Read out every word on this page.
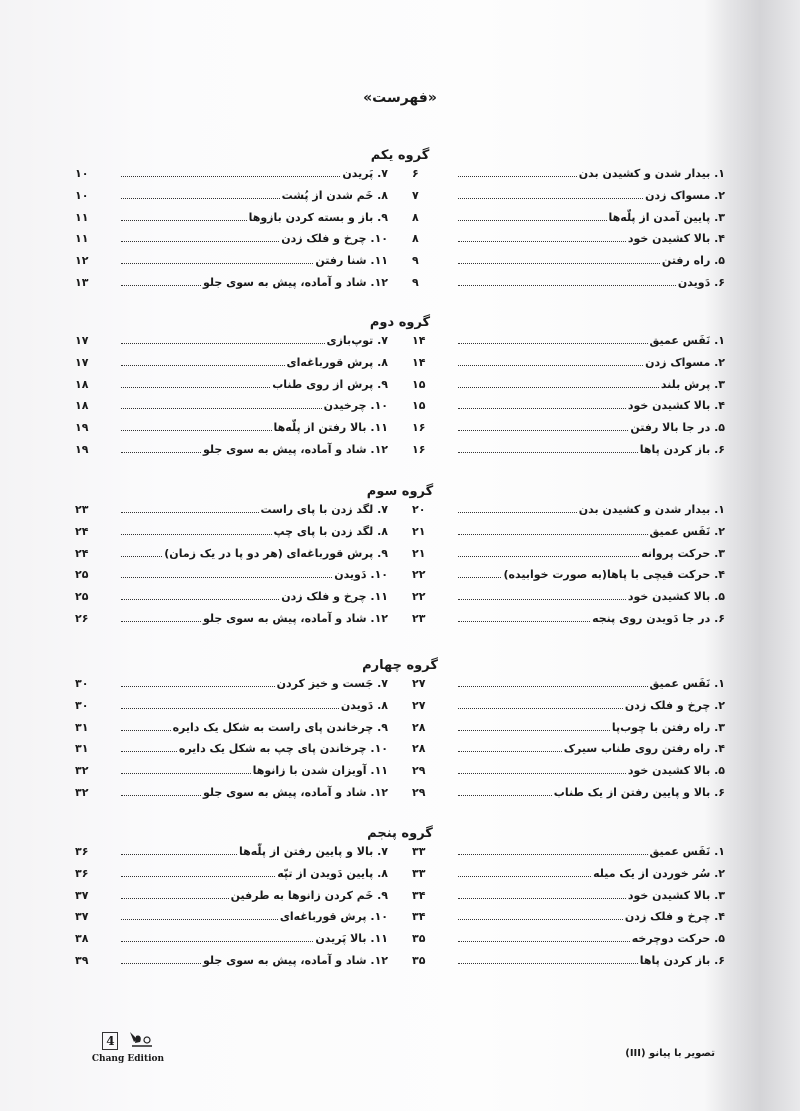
«فهرست»
گروه یکم
۱. بیدار شدن و کشیدن بدن
۶
۲. مسواک زدن
۷
۳. پایین آمدن از پلّه‌ها
۸
۴. بالا کشیدن خود
۸
۵. راه رفتن
۹
۶. دَویدن
۹
۷. پَریدن
۱۰
۸. خَم شدن از پُشت
۱۰
۹. باز و بسته کردن بازوها
۱۱
۱۰. چرخ و فلک زدن
۱۱
۱۱. شنا رفتن
۱۲
۱۲. شاد و آماده، پیش به سوی جلو
۱۳
گروه دوم
۱. نَفَس عمیق
۱۴
۲. مسواک زدن
۱۴
۳. پرش بلند
۱۵
۴. بالا کشیدن خود
۱۵
۵. در جا بالا رفتن
۱۶
۶. باز کردن پاها
۱۶
۷. توپ‌بازی
۱۷
۸. پرش قورباغه‌ای
۱۷
۹. پرش از روی طناب
۱۸
۱۰. چرخیدن
۱۸
۱۱. بالا رفتن از پلّه‌ها
۱۹
۱۲. شاد و آماده، پیش به سوی جلو
۱۹
گروه سوم
۱. بیدار شدن و کشیدن بدن
۲۰
۲. نَفَس عمیق
۲۱
۳. حرکت پروانه
۲۱
۴. حرکت قیچی با پاها(به صورت خوابیده)
۲۲
۵. بالا کشیدن خود
۲۲
۶. در جا دَویدن روی پنجه
۲۳
۷. لگد زدن با پای راست
۲۳
۸. لگد زدن با پای چپ
۲۴
۹. پرش قورباغه‌ای (هر دو پا در یک زمان)
۲۴
۱۰. دَویدن
۲۵
۱۱. چرخ و فلک زدن
۲۵
۱۲. شاد و آماده، پیش به سوی جلو
۲۶
گروه چهارم
۱. نَفَس عمیق
۲۷
۲. چرخ و فلک زدن
۲۷
۳. راه رفتن با چوب‌پا
۲۸
۴. راه رفتن روی طناب سیرک
۲۸
۵. بالا کشیدن خود
۲۹
۶. بالا و پایین رفتن از یک طناب
۲۹
۷. جَست و خیز کردن
۳۰
۸. دَویدن
۳۰
۹. چرخاندن پای راست به شکل یک دایره
۳۱
۱۰. چرخاندن پای چپ به شکل یک دایره
۳۱
۱۱. آویزان شدن با زانوها
۳۲
۱۲. شاد و آماده، پیش به سوی جلو
۳۲
گروه پنجم
۱. نَفَس عمیق
۳۳
۲. سُر خوردن از یک میله
۳۳
۳. بالا کشیدن خود
۳۴
۴. چرخ و فلک زدن
۳۴
۵. حرکت دوچرخه
۳۵
۶. باز کردن پاها
۳۵
۷. بالا و پایین رفتن از پلّه‌ها
۳۶
۸. پایین دَویدن از تپّه
۳۶
۹. خَم کردن زانوها به طرفین
۳۷
۱۰. پرش قورباغه‌ای
۳۷
۱۱. بالا پَریدن
۳۸
۱۲. شاد و آماده، پیش به سوی جلو
۳۹
4
Chang Edition	تصویر با پیانو (III)
